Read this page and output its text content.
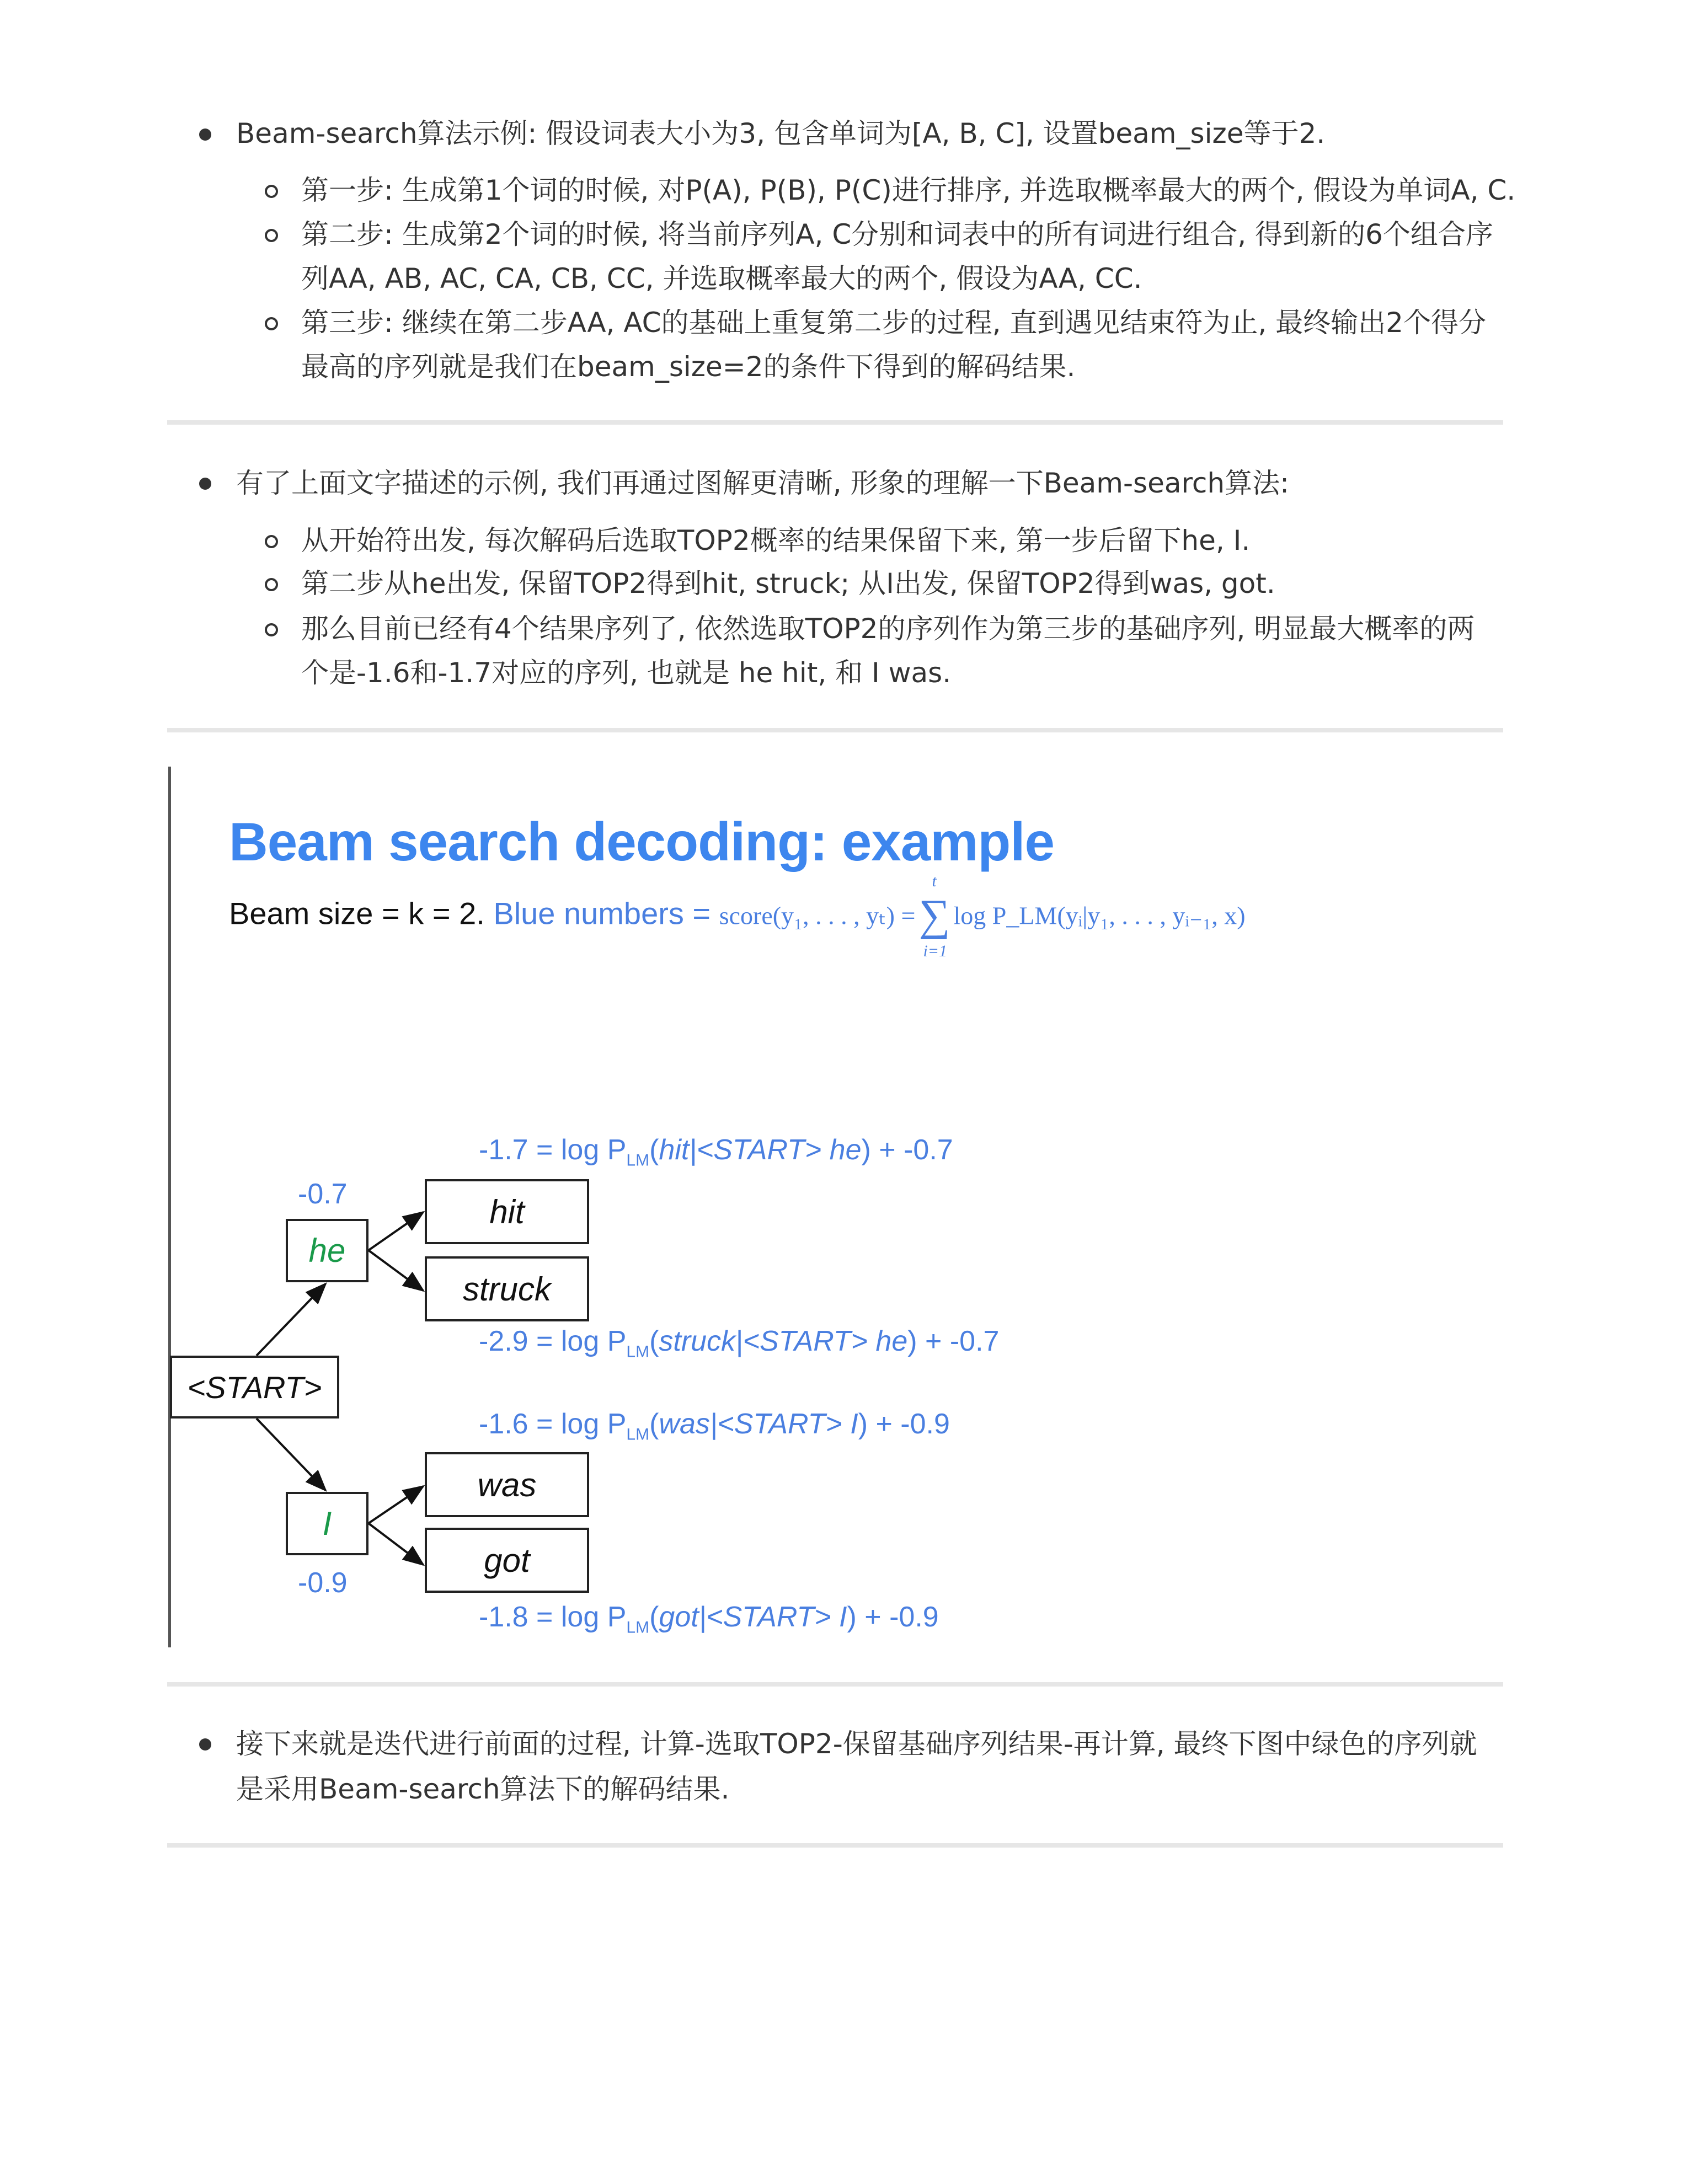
Beam-search算法示例: 假设词表大小为3, 包含单词为[A, B, C], 设置beam_size等于2.
第一步: 生成第1个词的时候, 对P(A), P(B), P(C)进行排序, 并选取概率最大的两个, 假设为单词A, C.
第二步: 生成第2个词的时候, 将当前序列A, C分别和词表中的所有词进行组合, 得到新的6个组合序
列AA, AB, AC, CA, CB, CC, 并选取概率最大的两个, 假设为AA, CC.
第三步: 继续在第二步AA, AC的基础上重复第二步的过程, 直到遇见结束符为止, 最终输出2个得分
最高的序列就是我们在beam_size=2的条件下得到的解码结果.
有了上面文字描述的示例, 我们再通过图解更清晰, 形象的理解一下Beam-search算法:
从开始符出发, 每次解码后选取TOP2概率的结果保留下来, 第一步后留下he, I.
第二步从he出发, 保留TOP2得到hit, struck; 从I出发, 保留TOP2得到was, got.
那么目前已经有4个结果序列了, 依然选取TOP2的序列作为第三步的基础序列, 明显最大概率的两
个是-1.6和-1.7对应的序列, 也就是 he hit, 和 I was.
Beam search decoding: example
Beam size = k = 2. Blue numbers = score(y₁, . . . , yₜ) =∑
t
i=1
log P_LM(yᵢ|y₁, . . . , yᵢ₋₁, x)
$-1.7 = \log P_{LM}(hit|<START> he) + -0.7$
$-2.9 = \log P_{LM}(struck|<START> he) + -0.7$
$-1.6 = \log P_{LM}(was|<START> I) + -0.9$
$-1.8 = \log P_{LM}(got|<START> I) + -0.9$
-0.7
-0.9
<START>
he
I
hit
struck
was
got
接下来就是迭代进行前面的过程, 计算-选取TOP2-保留基础序列结果-再计算, 最终下图中绿色的序列就
是采用Beam-search算法下的解码结果.
